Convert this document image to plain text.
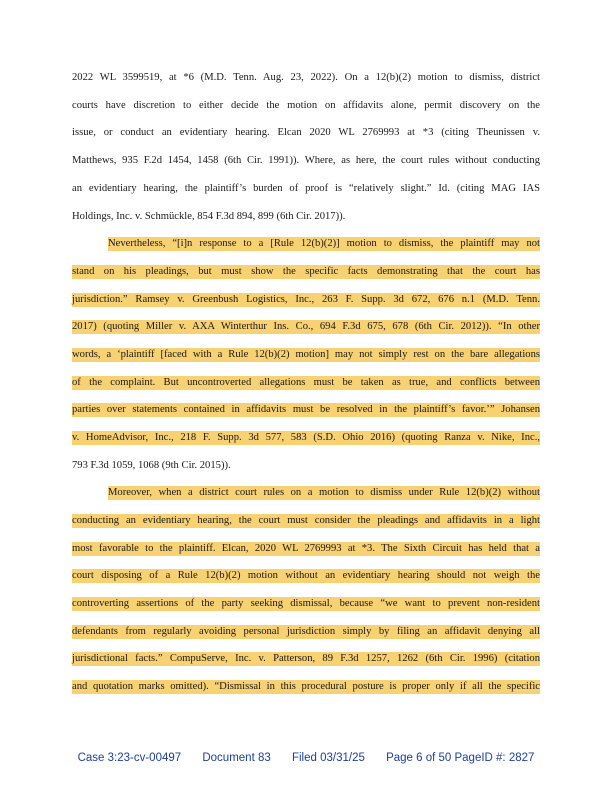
2022 WL 3599519, at *6 (M.D. Tenn. Aug. 23, 2022). On a 12(b)(2) motion to dismiss, district
courts have discretion to either decide the motion on affidavits alone, permit discovery on the
issue, or conduct an evidentiary hearing. Elcan 2020 WL 2769993 at *3 (citing Theunissen v.
Matthews, 935 F.2d 1454, 1458 (6th Cir. 1991)). Where, as here, the court rules without conducting
an evidentiary hearing, the plaintiff’s burden of proof is “relatively slight.” Id. (citing MAG IAS
Holdings, Inc. v. Schmückle, 854 F.3d 894, 899 (6th Cir. 2017)).
Nevertheless, “[i]n response to a [Rule 12(b)(2)] motion to dismiss, the plaintiff may not
stand on his pleadings, but must show the specific facts demonstrating that the court has
jurisdiction.” Ramsey v. Greenbush Logistics, Inc., 263 F. Supp. 3d 672, 676 n.1 (M.D. Tenn.
2017) (quoting Miller v. AXA Winterthur Ins. Co., 694 F.3d 675, 678 (6th Cir. 2012)). “In other
words, a ‘plaintiff [faced with a Rule 12(b)(2) motion] may not simply rest on the bare allegations
of the complaint. But uncontroverted allegations must be taken as true, and conflicts between
parties over statements contained in affidavits must be resolved in the plaintiff’s favor.’” Johansen
v. HomeAdvisor, Inc., 218 F. Supp. 3d 577, 583 (S.D. Ohio 2016) (quoting Ranza v. Nike, Inc.,
793 F.3d 1059, 1068 (9th Cir. 2015)).
Moreover, when a district court rules on a motion to dismiss under Rule 12(b)(2) without
conducting an evidentiary hearing, the court must consider the pleadings and affidavits in a light
most favorable to the plaintiff. Elcan, 2020 WL 2769993 at *3. The Sixth Circuit has held that a
court disposing of a Rule 12(b)(2) motion without an evidentiary hearing should not weigh the
controverting assertions of the party seeking dismissal, because “we want to prevent non-resident
defendants from regularly avoiding personal jurisdiction simply by filing an affidavit denying all
jurisdictional facts.” CompuServe, Inc. v. Patterson, 89 F.3d 1257, 1262 (6th Cir. 1996) (citation
and quotation marks omitted). “Dismissal in this procedural posture is proper only if all the specific
Case 3:23-cv-00497 Document 83 Filed 03/31/25 Page 6 of 50 PageID #: 2827
